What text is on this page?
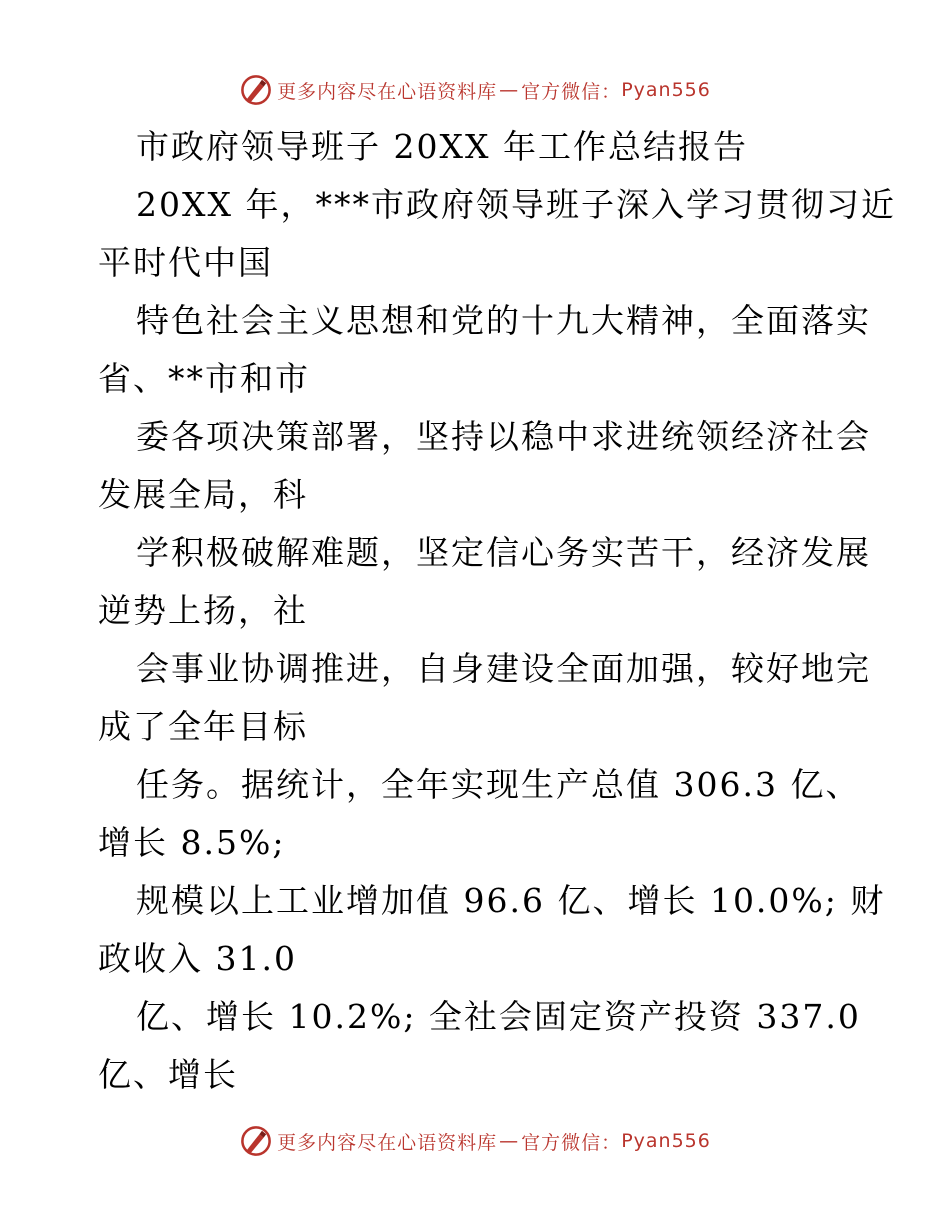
更多内容尽在心语资料库 — 官方微信： Pyan556
市政府领导班子 20XX 年工作总结报告
20XX 年，***市政府领导班子深入学习贯彻习近
平时代中国
特色社会主义思想和党的十九大精神，全面落实
省、**市和市
委各项决策部署，坚持以稳中求进统领经济社会
发展全局，科
学积极破解难题，坚定信心务实苦干，经济发展
逆势上扬，社
会事业协调推进，自身建设全面加强，较好地完
成了全年目标
任务。据统计，全年实现生产总值 306.3 亿、
增长 8.5%;
规模以上工业增加值 96.6 亿、增长 10.0%; 财
政收入 31.0
亿、增长 10.2%; 全社会固定资产投资 337.0
亿、增长
更多内容尽在心语资料库 — 官方微信： Pyan556
